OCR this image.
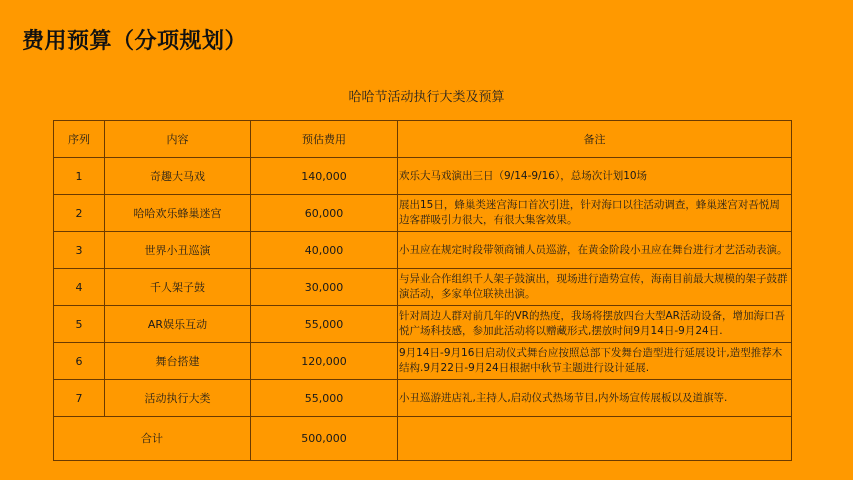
费用预算（分项规划）
哈哈节活动执行大类及预算
序列	内容	预估费用	备注
1	奇趣大马戏	140,000	欢乐大马戏演出三日（9/14-9/16），总场次计划10场
2	哈哈欢乐蜂巢迷宫	60,000	展出15日，蜂巢类迷宫海口首次引进，针对海口以往活动调查，蜂巢迷宫对吾悦周边客群吸引力很大，有很大集客效果。
3	世界小丑巡演	40,000	小丑应在规定时段带领商铺人员巡游，在黄金阶段小丑应在舞台进行才艺活动表演。
4	千人架子鼓	30,000	与异业合作组织千人架子鼓演出，现场进行造势宣传，海南目前最大规模的架子鼓群演活动，多家单位联袂出演。
5	AR娱乐互动	55,000	针对周边人群对前几年的VR的热度，我场将摆放四台大型AR活动设备，增加海口吾悦广场科技感，参加此活动将以赠藏形式,摆放时间9月14日-9月24日.
6	舞台搭建	120,000	9月14日-9月16日启动仪式舞台应按照总部下发舞台造型进行延展设计,造型推荐木结构.9月22日-9月24日根据中秋节主题进行设计延展.
7	活动执行大类	55,000	小丑巡游进店礼,主持人,启动仪式热场节目,内外场宣传展板以及道旗等.
合计		500,000	
